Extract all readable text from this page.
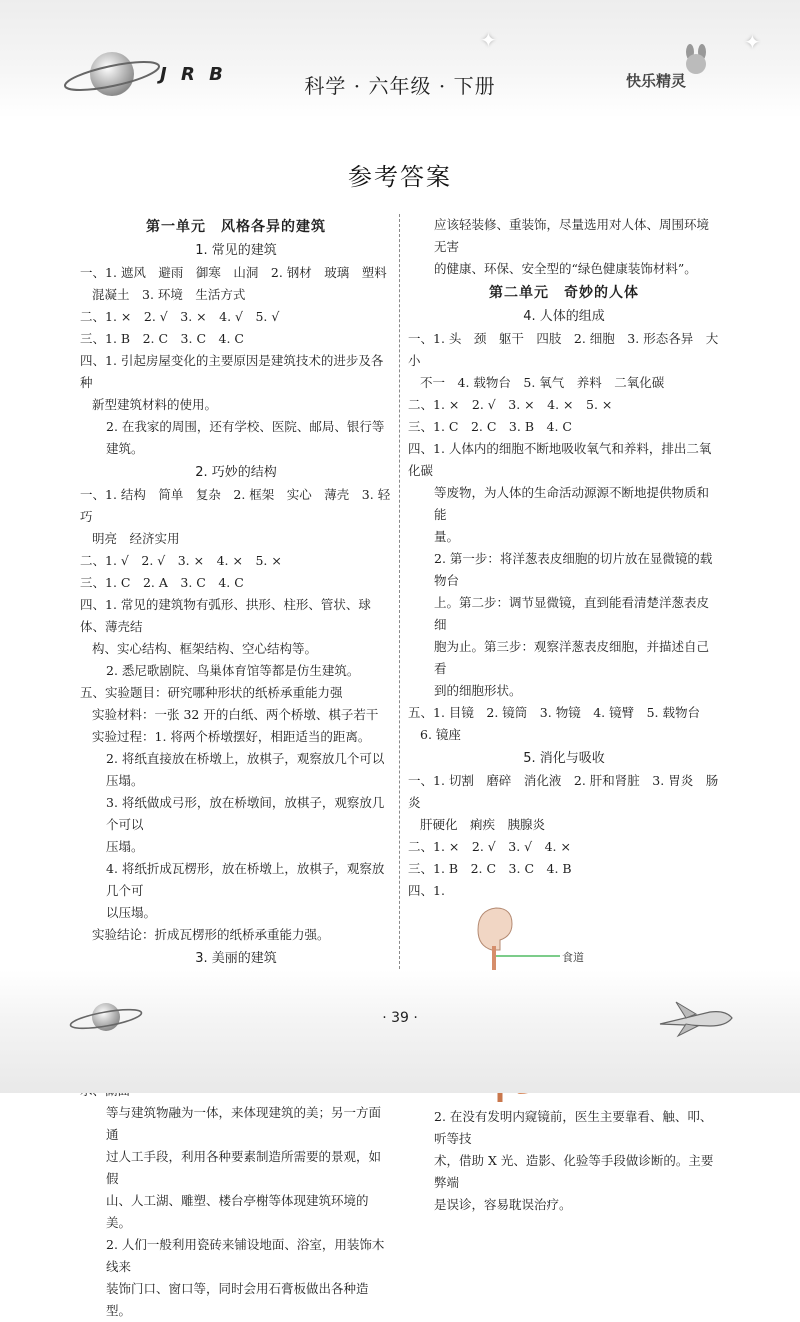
J R B	科学 · 六年级 · 下册	快乐精灵
✦	✦
参考答案
第一单元　风格各异的建筑
1. 常见的建筑
一、1. 遮风　避雨　御寒　山洞　2. 钢材　玻璃　塑料
混凝土　3. 环境　生活方式
二、1. ×　2. √　3. ×　4. √　5. √
三、1. B　2. C　3. C　4. C
四、1. 引起房屋变化的主要原因是建筑技术的进步及各种
新型建筑材料的使用。
2. 在我家的周围，还有学校、医院、邮局、银行等建筑。
2. 巧妙的结构
一、1. 结构　简单　复杂　2. 框架　实心　薄壳　3. 轻巧
明亮　经济实用
二、1. √　2. √　3. ×　4. ×　5. ×
三、1. C　2. A　3. C　4. C
四、1. 常见的建筑物有弧形、拱形、柱形、管状、球体、薄壳结
构、实心结构、框架结构、空心结构等。
2. 悉尼歌剧院、鸟巢体育馆等都是仿生建筑。
五、实验题目：研究哪种形状的纸桥承重能力强
实验材料：一张 32 开的白纸、两个桥墩、棋子若干
实验过程：1. 将两个桥墩摆好，相距适当的距离。
2. 将纸直接放在桥墩上，放棋子，观察放几个可以压塌。
3. 将纸做成弓形，放在桥墩间，放棋子，观察放几个可以
压塌。
4. 将纸折成瓦楞形，放在桥墩上，放棋子，观察放几个可
以压塌。
实验结论：折成瓦楞形的纸桥承重能力强。
3. 美丽的建筑
等与建筑物融为一体，来体现建筑的美；另一方面通
过人工手段，利用各种要素制造所需要的景观，如假
山、人工湖、雕塑、楼台亭榭等体现建筑环境的美。
2. 人们一般利用瓷砖来铺设地面、浴室，用装饰木线来
装饰门口、窗口等，同时会用石膏板做出各种造型。
应该轻装修、重装饰，尽量选用对人体、周围环境无害
的健康、环保、安全型的“绿色健康装饰材料”。
第二单元　奇妙的人体
4. 人体的组成
一、1. 头　颈　躯干　四肢　2. 细胞　3. 形态各异　大小
不一　4. 载物台　5. 氧气　养料　二氧化碳
二、1. ×　2. √　3. ×　4. ×　5. ×
三、1. C　2. C　3. B　4. C
四、1. 人体内的细胞不断地吸收氧气和养料，排出二氧化碳
等废物，为人体的生命活动源源不断地提供物质和能
量。
2. 第一步：将洋葱表皮细胞的切片放在显微镜的载物台
上。第二步：调节显微镜，直到能看清楚洋葱表皮细
胞为止。第三步：观察洋葱表皮细胞，并描述自己看
到的细胞形状。
五、1. 目镜　2. 镜筒　3. 物镜　4. 镜臂　5. 载物台
6. 镜座
5. 消化与吸收
一、1. 切割　磨碎　消化液　2. 肝和肾脏　3. 胃炎　肠炎
肝硬化　痢疾　胰腺炎
二、1. ×　2. √　3. √　4. ×
三、1. B　2. C　3. C　4. B
四、1.
食道
2. 在没有发明内窥镜前，医生主要靠看、触、叩、听等技
术，借助 X 光、造影、化验等手段做诊断的。主要弊端
是误诊，容易耽误治疗。
· 39 ·
